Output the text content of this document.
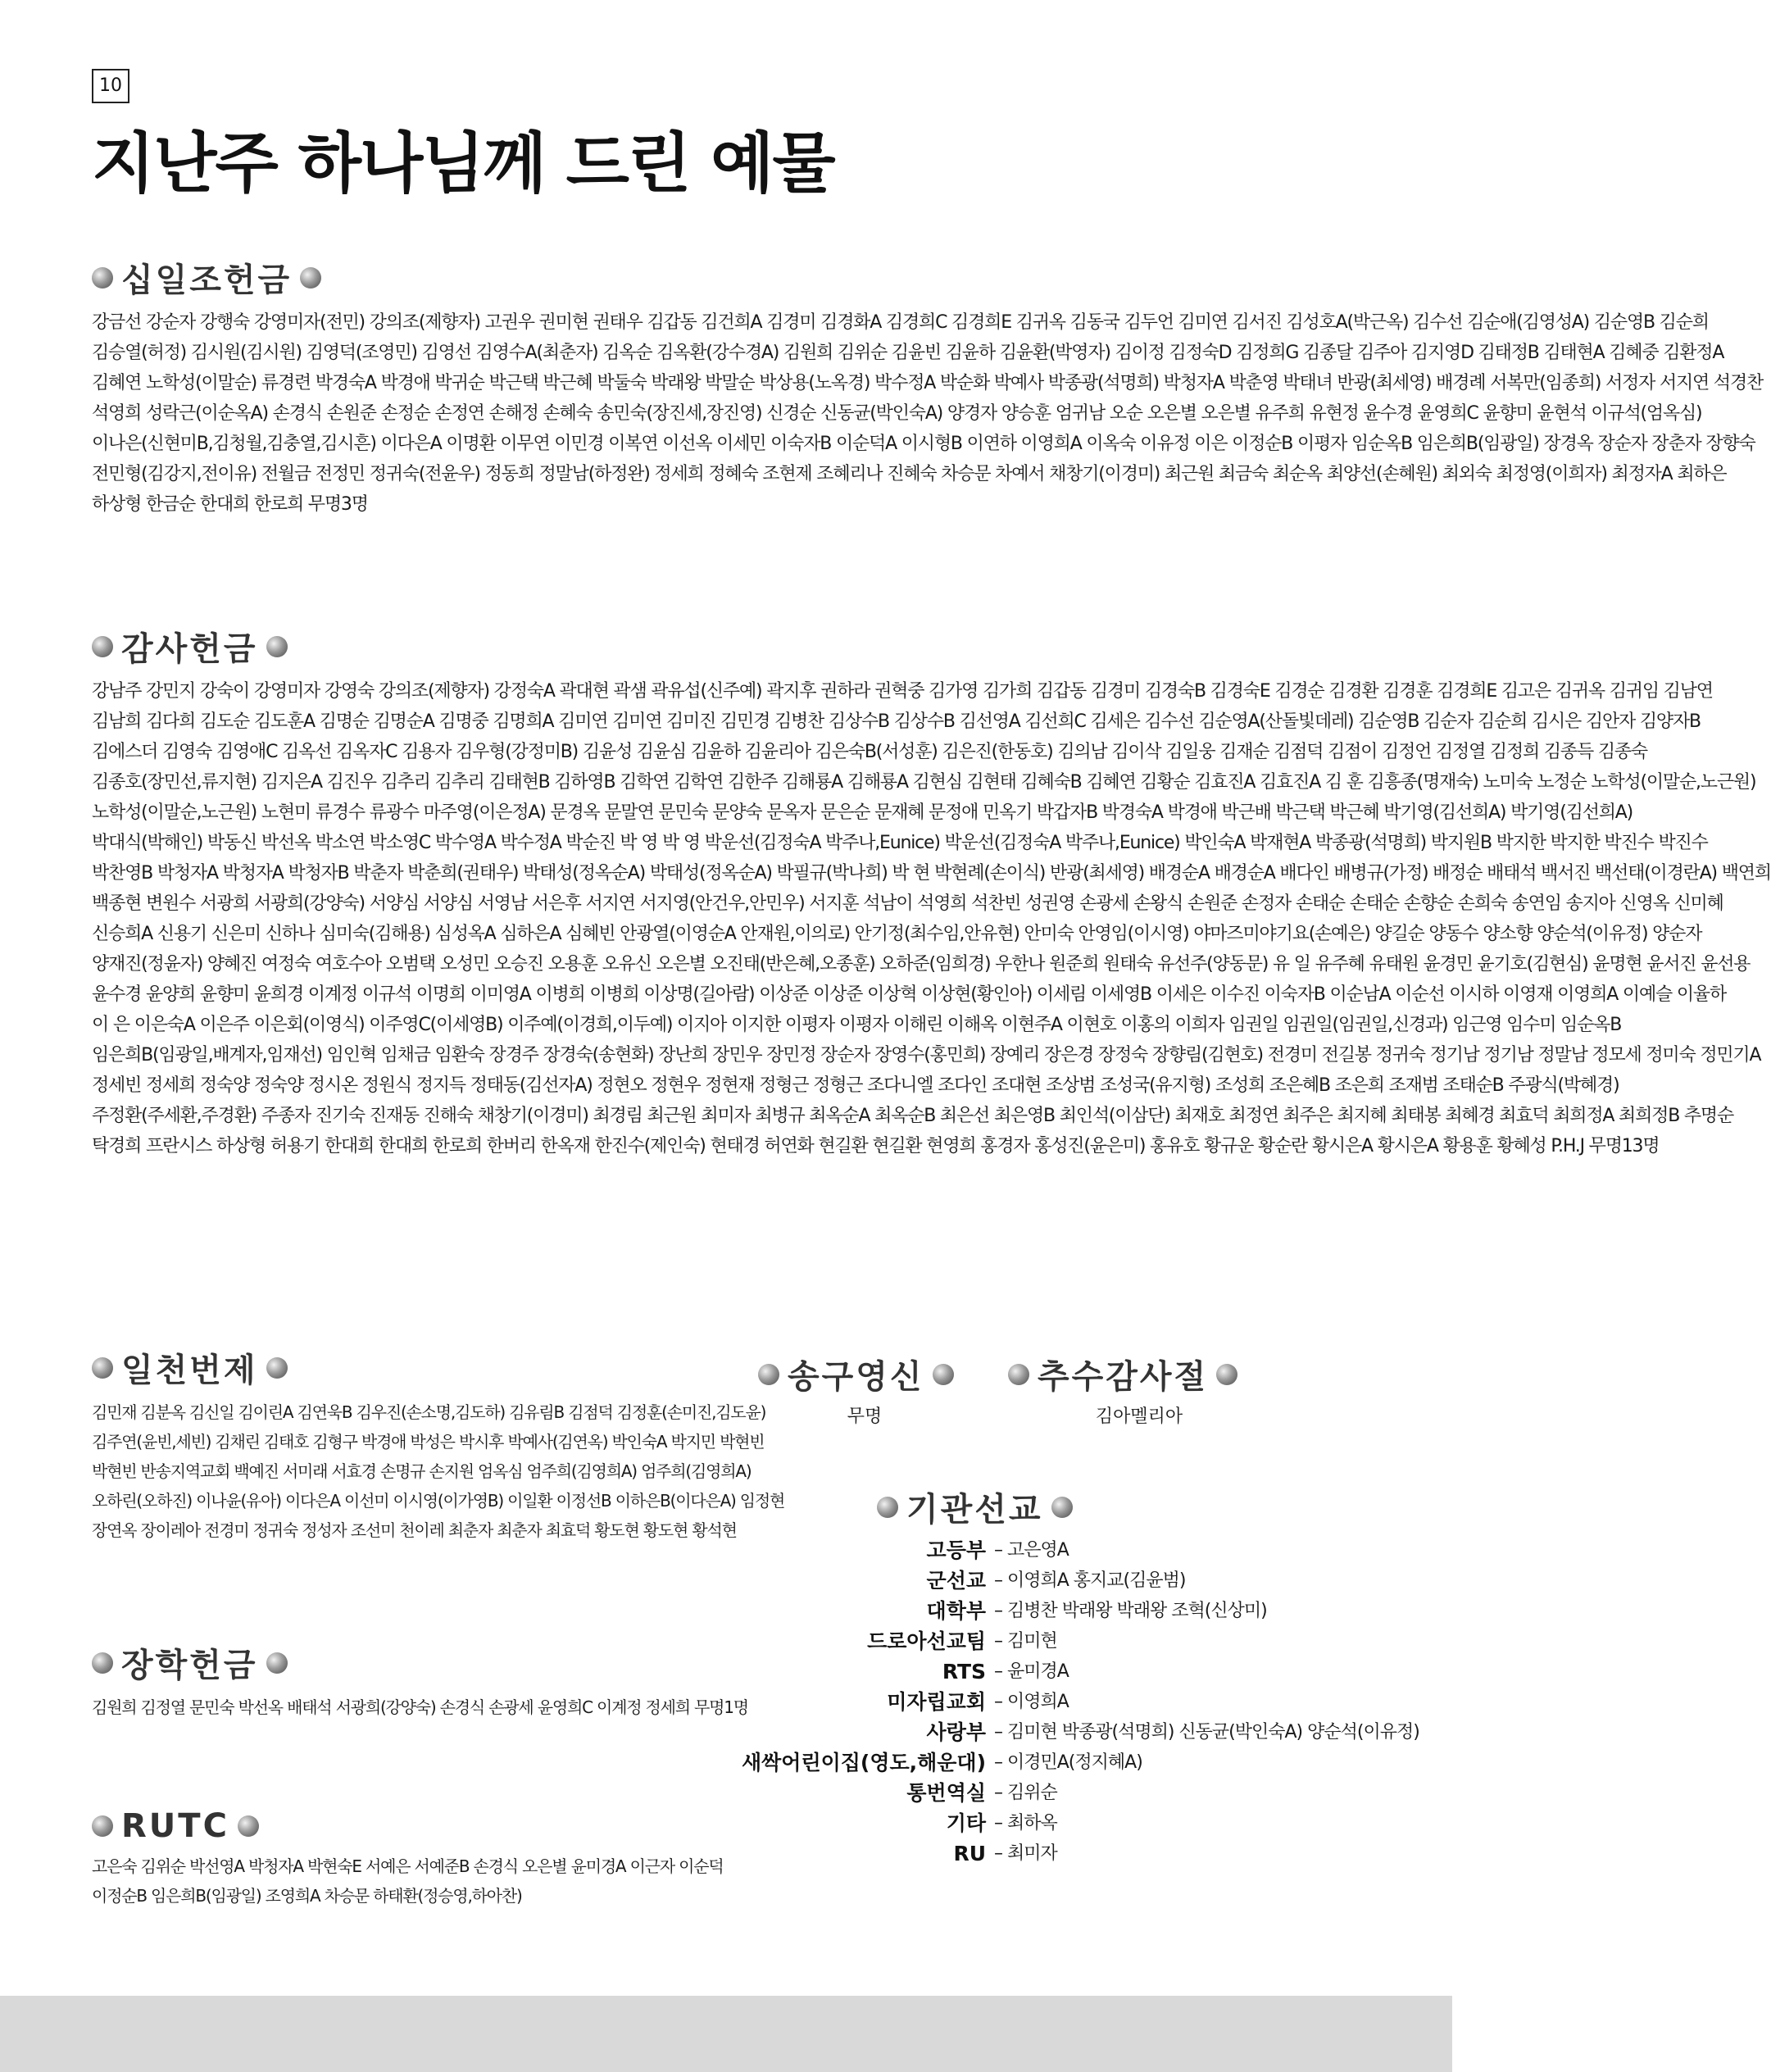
10
지난주 하나님께 드린 예물
십일조헌금
강금선 강순자 강행숙 강영미자(전민) 강의조(제향자) 고권우 권미현 권태우 김갑동 김건희A 김경미 김경화A 김경희C 김경희E 김귀옥 김동국 김두언 김미연 김서진 김성호A(박근옥) 김수선 김순애(김영성A) 김순영B 김순희
김승열(허정) 김시원(김시원) 김영덕(조영민) 김영선 김영수A(최춘자) 김옥순 김옥환(강수경A) 김원희 김위순 김윤빈 김윤하 김윤환(박영자) 김이정 김정숙D 김정희G 김종달 김주아 김지영D 김태정B 김태현A 김혜중 김환정A
김혜연 노학성(이말순) 류경련 박경숙A 박경애 박귀순 박근택 박근혜 박둘숙 박래왕 박말순 박상용(노옥경) 박수정A 박순화 박예사 박종광(석명희) 박청자A 박춘영 박태녀 반광(최세영) 배경례 서복만(임종희) 서정자 서지연 석경찬
석영희 성락근(이순옥A) 손경식 손원준 손정순 손정연 손해정 손혜숙 송민숙(장진세,장진영) 신경순 신동균(박인숙A) 양경자 양승훈 엄귀남 오순 오은별 오은별 유주희 유현정 윤수경 윤영희C 윤향미 윤현석 이규석(엄옥심)
이나은(신현미B,김청월,김충열,김시흔) 이다은A 이명환 이무연 이민경 이복연 이선옥 이세민 이숙자B 이순덕A 이시형B 이연하 이영희A 이옥숙 이유정 이은 이정순B 이평자 임순옥B 임은희B(임광일) 장경옥 장순자 장춘자 장향숙
전민형(김강지,전이유) 전월금 전정민 정귀숙(전윤우) 정동희 정말남(하정완) 정세희 정혜숙 조현제 조혜리나 진혜숙 차승문 차예서 채창기(이경미) 최근원 최금숙 최순옥 최양선(손혜원) 최외숙 최정영(이희자) 최정자A 최하은
하상형 한금순 한대희 한로희 무명3명
감사헌금
강남주 강민지 강숙이 강영미자 강영숙 강의조(제향자) 강정숙A 곽대현 곽샘 곽유섭(신주예) 곽지후 권하라 권혁중 김가영 김가희 김갑동 김경미 김경숙B 김경숙E 김경순 김경환 김경훈 김경희E 김고은 김귀옥 김귀임 김남연
김남희 김다희 김도순 김도훈A 김명순 김명순A 김명중 김명희A 김미연 김미연 김미진 김민경 김병찬 김상수B 김상수B 김선영A 김선희C 김세은 김수선 김순영A(산돌빛데레) 김순영B 김순자 김순희 김시은 김안자 김양자B
김에스더 김영숙 김영애C 김옥선 김옥자C 김용자 김우형(강정미B) 김윤성 김윤심 김윤하 김윤리아 김은숙B(서성훈) 김은진(한동호) 김의남 김이삭 김일웅 김재순 김점덕 김점이 김정언 김정열 김정희 김종득 김종숙
김종호(장민선,류지현) 김지은A 김진우 김추리 김추리 김태현B 김하영B 김학연 김학연 김한주 김해룡A 김해룡A 김현심 김현태 김혜숙B 김혜연 김황순 김효진A 김효진A 김 훈 김흥종(명재숙) 노미숙 노정순 노학성(이말순,노근원)
노학성(이말순,노근원) 노현미 류경수 류광수 마주영(이은정A) 문경옥 문말연 문민숙 문양숙 문옥자 문은순 문재혜 문정애 민옥기 박갑자B 박경숙A 박경애 박근배 박근택 박근혜 박기영(김선희A) 박기영(김선희A)
박대식(박해인) 박동신 박선옥 박소연 박소영C 박수영A 박수정A 박순진 박 영 박 영 박운선(김정숙A 박주나,Eunice) 박운선(김정숙A 박주나,Eunice) 박인숙A 박재현A 박종광(석명희) 박지원B 박지한 박지한 박진수 박진수
박찬영B 박청자A 박청자A 박청자B 박춘자 박춘희(권태우) 박태성(정옥순A) 박태성(정옥순A) 박필규(박나희) 박 현 박현례(손이식) 반광(최세영) 배경순A 배경순A 배다인 배병규(가정) 배정순 배태석 백서진 백선태(이경란A) 백연희
백종현 변원수 서광희 서광희(강양숙) 서양심 서양심 서영남 서은후 서지연 서지영(안건우,안민우) 서지훈 석남이 석영희 석찬빈 성권영 손광세 손왕식 손원준 손정자 손태순 손태순 손향순 손희숙 송연임 송지아 신영옥 신미혜
신승희A 신용기 신은미 신하나 심미숙(김해용) 심성옥A 심하은A 심혜빈 안광열(이영순A 안재원,이의로) 안기정(최수임,안유현) 안미숙 안영임(이시영) 야마즈미야기요(손예은) 양길순 양동수 양소향 양순석(이유정) 양순자
양재진(정윤자) 양혜진 여정숙 여호수아 오범택 오성민 오승진 오용훈 오유신 오은별 오진태(반은혜,오종훈) 오하준(임희경) 우한나 원준희 원태숙 유선주(양동문) 유 일 유주혜 유태원 윤경민 윤기호(김현심) 윤명현 윤서진 윤선용
윤수경 윤양희 윤향미 윤희경 이계정 이규석 이명희 이미영A 이병희 이병희 이상명(길아람) 이상준 이상준 이상혁 이상현(황인아) 이세림 이세영B 이세은 이수진 이숙자B 이순남A 이순선 이시하 이영재 이영희A 이예슬 이율하
이 은 이은숙A 이은주 이은회(이영식) 이주영C(이세영B) 이주예(이경희,이두예) 이지아 이지한 이평자 이평자 이해린 이해옥 이현주A 이현호 이홍의 이희자 임권일 임권일(임권일,신경과) 임근영 임수미 임순옥B
임은희B(임광일,배계자,임재선) 임인혁 임채금 임환숙 장경주 장경숙(송현화) 장난희 장민우 장민정 장순자 장영수(홍민희) 장예리 장은경 장정숙 장향림(김현호) 전경미 전길봉 정귀숙 정기남 정기남 정말남 정모세 정미숙 정민기A
정세빈 정세희 정숙양 정숙양 정시온 정원식 정지득 정태동(김선자A) 정현오 정현우 정현재 정형근 정형근 조다니엘 조다인 조대현 조상범 조성국(유지형) 조성희 조은혜B 조은희 조재범 조태순B 주광식(박혜경)
주정환(주세환,주경환) 주종자 진기숙 진재동 진해숙 채창기(이경미) 최경림 최근원 최미자 최병규 최옥순A 최옥순B 최은선 최은영B 최인석(이삼단) 최재호 최정연 최주은 최지혜 최태봉 최혜경 최효덕 최희정A 최희정B 추명순
탁경희 프란시스 하상형 허용기 한대희 한대희 한로희 한버리 한옥재 한진수(제인숙) 현태경 허연화 현길환 현길환 현영희 홍경자 홍성진(윤은미) 홍유호 황규운 황순란 황시은A 황시은A 황용훈 황혜성 P.H.J 무명13명
일천번제
김민재 김분옥 김신일 김이린A 김연욱B 김우진(손소명,김도하) 김유림B 김점덕 김정훈(손미진,김도윤)
김주연(윤빈,세빈) 김채린 김태호 김형구 박경애 박성은 박시후 박예사(김연옥) 박인숙A 박지민 박현빈
박현빈 반송지역교회 백예진 서미래 서효경 손명규 손지원 엄옥심 엄주희(김영희A) 엄주희(김영희A)
오하린(오하진) 이나윤(유아) 이다은A 이선미 이시영(이가영B) 이일환 이정선B 이하은B(이다은A) 임정현
장연옥 장이레아 전경미 정귀숙 정성자 조선미 천이레 최춘자 최춘자 최효덕 황도현 황도현 황석현
장학헌금
김원희 김정열 문민숙 박선옥 배태석 서광희(강양숙) 손경식 손광세 윤영희C 이계정 정세희 무명1명
RUTC
고은숙 김위순 박선영A 박청자A 박현숙E 서예은 서예준B 손경식 오은별 윤미경A 이근자 이순덕
이정순B 임은희B(임광일) 조영희A 차승문 하태환(정승영,하아찬)
송구영신
무명
추수감사절
김아멜리아
기관선교
고등부	– 고은영A
군선교	– 이영희A 홍지교(김윤범)
대학부	– 김병찬 박래왕 박래왕 조혁(신상미)
드로아선교팀	– 김미현
RTS	– 윤미경A
미자립교회	– 이영희A
사랑부	– 김미현 박종광(석명희) 신동균(박인숙A) 양순석(이유정)
새싹어린이집(영도,해운대)	– 이경민A(정지혜A)
통번역실	– 김위순
기타	– 최하옥
RU	– 최미자
